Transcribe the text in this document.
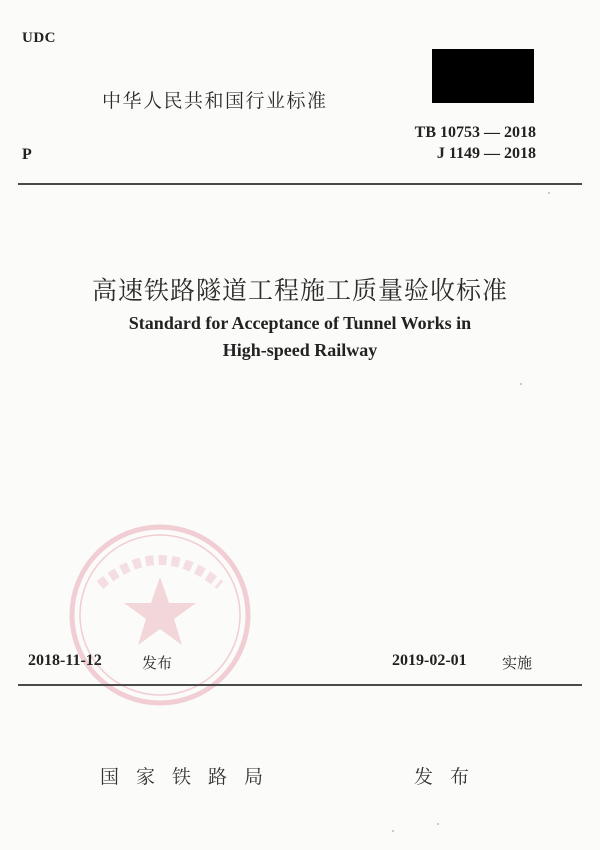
UDC
中华人民共和国行业标准
TB 10753 — 2018
J 1149 — 2018
P
高速铁路隧道工程施工质量验收标准
Standard for Acceptance of Tunnel Works in
High-speed Railway
2018-11-12	发布	2019-02-01 实施
国家铁路局	发布
